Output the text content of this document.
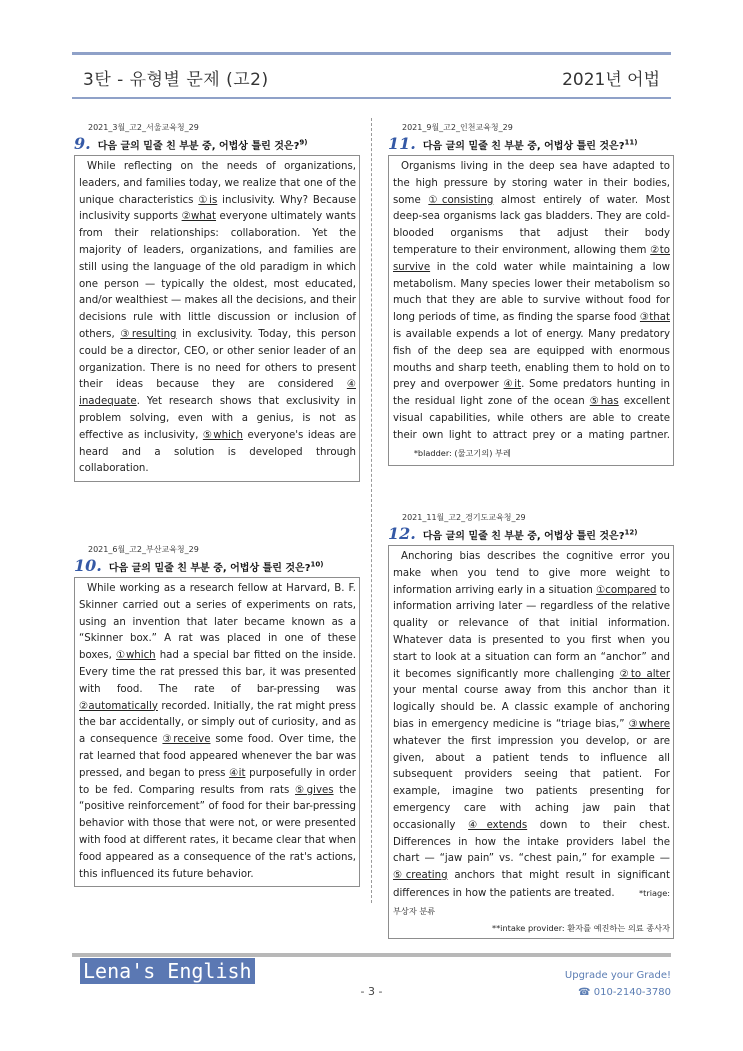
3탄 - 유형별 문제 (고2)	2021년 어법
2021_3월_고2_서울교육청_29
9. 다음 글의 밑줄 친 부분 중, 어법상 틀린 것은?$^{9)}$

While reflecting on the needs of organizations, leaders, and families today, we realize that one of the unique characteristics ①is inclusivity. Why? Because inclusivity supports ②what everyone ultimately wants from their relationships: collaboration. Yet the majority of leaders, organizations, and families are still using the language of the old paradigm in which one person — typically the oldest, most educated, and/or wealthiest — makes all the decisions, and their decisions rule with little discussion or inclusion of others, ③resulting in exclusivity. Today, this person could be a director, CEO, or other senior leader of an organization. There is no need for others to present their ideas because they are considered ④ inadequate. Yet research shows that exclusivity in problem solving, even with a genius, is not as effective as inclusivity, ⑤which everyone's ideas are heard and a solution is developed through collaboration.

2021_6월_고2_부산교육청_29
10. 다음 글의 밑줄 친 부분 중, 어법상 틀린 것은?$^{10)}$

While working as a research fellow at Harvard, B. F. Skinner carried out a series of experiments on rats, using an invention that later became known as a “Skinner box.” A rat was placed in one of these boxes, ①which had a special bar fitted on the inside. Every time the rat pressed this bar, it was presented with food. The rate of bar-pressing was ②automatically recorded. Initially, the rat might press the bar accidentally, or simply out of curiosity, and as a consequence ③receive some food. Over time, the rat learned that food appeared whenever the bar was pressed, and began to press ④it purposefully in order to be fed. Comparing results from rats ⑤gives the “positive reinforcement” of food for their bar-pressing behavior with those that were not, or were presented with food at different rates, it became clear that when food appeared as a consequence of the rat's actions, this influenced its future behavior.

2021_9월_고2_인천교육청_29
11. 다음 글의 밑줄 친 부분 중, 어법상 틀린 것은?$^{11)}$

Organisms living in the deep sea have adapted to the high pressure by storing water in their bodies, some ①consisting almost entirely of water. Most deep-sea organisms lack gas bladders. They are cold-blooded organisms that adjust their body temperature to their environment, allowing them ②to survive in the cold water while maintaining a low metabolism. Many species lower their metabolism so much that they are able to survive without food for long periods of time, as finding the sparse food ③that is available expends a lot of energy. Many predatory fish of the deep sea are equipped with enormous mouths and sharp teeth, enabling them to hold on to prey and overpower ④it. Some predators hunting in the residual light zone of the ocean ⑤has excellent visual capabilities, while others are able to create their own light to attract prey or a mating partner.         *bladder: (물고기의) 부레

2021_11월_고2_경기도교육청_29
12. 다음 글의 밑줄 친 부분 중, 어법상 틀린 것은?$^{12)}$

Anchoring bias describes the cognitive error you make when you tend to give more weight to information arriving early in a situation ①compared to information arriving later — regardless of the relative quality or relevance of that initial information. Whatever data is presented to you first when you start to look at a situation can form an “anchor” and it becomes significantly more challenging ②to alter your mental course away from this anchor than it logically should be. A classic example of anchoring bias in emergency medicine is “triage bias,” ③where whatever the first impression you develop, or are given, about a patient tends to influence all subsequent providers seeing that patient. For example, imagine two patients presenting for emergency care with aching jaw pain that occasionally ④extends down to their chest. Differences in how the intake providers label the chart — “jaw pain” vs. “chest pain,” for example — ⑤creating anchors that might result in significant differences in how the patients are treated.         *triage: 부상자 분류
**intake provider: 환자를 예진하는 의료 종사자

Lena's English
- 3 -
Upgrade your Grade!
☎ 010-2140-3780
